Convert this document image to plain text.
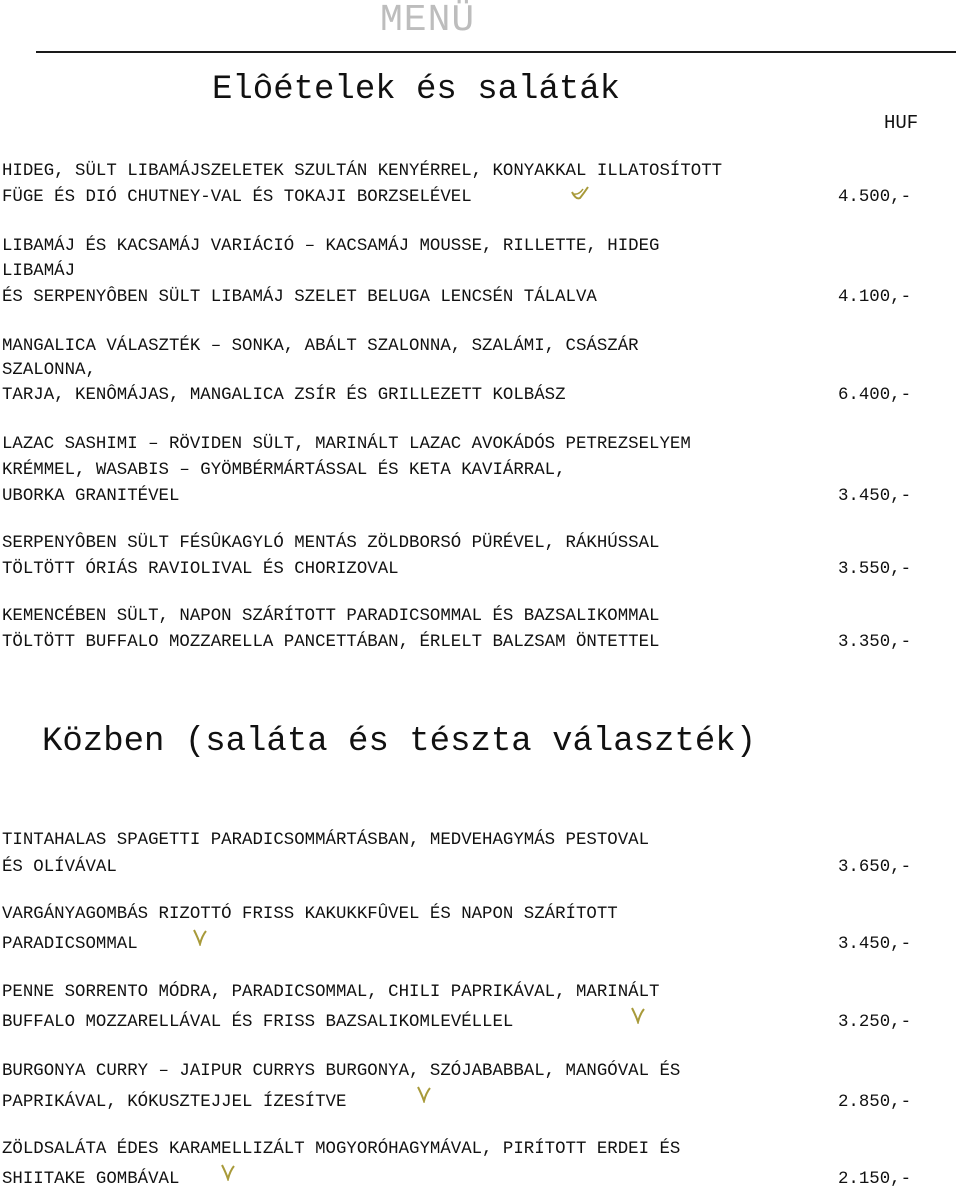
MENÜ
Elôételek és saláták
HUF
HIDEG, SÜLT LIBAMÁJSZELETEK SZULTÁN KENYÉRREL, KONYAKKAL ILLATOSÍTOTT
FÜGE ÉS DIÓ CHUTNEY-VAL ÉS TOKAJI BORZSELÉVEL	4.500,-
LIBAMÁJ ÉS KACSAMÁJ VARIÁCIÓ – KACSAMÁJ MOUSSE, RILLETTE, HIDEG
LIBAMÁJ
ÉS SERPENYÔBEN SÜLT LIBAMÁJ SZELET BELUGA LENCSÉN TÁLALVA	4.100,-
MANGALICA VÁLASZTÉK – SONKA, ABÁLT SZALONNA, SZALÁMI, CSÁSZÁR
SZALONNA,
TARJA, KENÔMÁJAS, MANGALICA ZSÍR ÉS GRILLEZETT KOLBÁSZ	6.400,-
LAZAC SASHIMI – RÖVIDEN SÜLT, MARINÁLT LAZAC AVOKÁDÓS PETREZSELYEM
KRÉMMEL, WASABIS – GYÖMBÉRMÁRTÁSSAL ÉS KETA KAVIÁRRAL,
UBORKA GRANITÉVEL	3.450,-
SERPENYÔBEN SÜLT FÉSÛKAGYLÓ MENTÁS ZÖLDBORSÓ PÜRÉVEL, RÁKHÚSSAL
TÖLTÖTT ÓRIÁS RAVIOLIVAL ÉS CHORIZOVAL	3.550,-
KEMENCÉBEN SÜLT, NAPON SZÁRÍTOTT PARADICSOMMAL ÉS BAZSALIKOMMAL
TÖLTÖTT BUFFALO MOZZARELLA PANCETTÁBAN, ÉRLELT BALZSAM ÖNTETTEL	3.350,-
Közben (saláta és tészta választék)
TINTAHALAS SPAGETTI PARADICSOMMÁRTÁSBAN, MEDVEHAGYMÁS PESTOVAL
ÉS OLÍVÁVAL	3.650,-
VARGÁNYAGOMBÁS RIZOTTÓ FRISS KAKUKKFÛVEL ÉS NAPON SZÁRÍTOTT
PARADICSOMMAL	3.450,-
PENNE SORRENTO MÓDRA, PARADICSOMMAL, CHILI PAPRIKÁVAL, MARINÁLT
BUFFALO MOZZARELLÁVAL ÉS FRISS BAZSALIKOMLEVÉLLEL	3.250,-
BURGONYA CURRY – JAIPUR CURRYS BURGONYA, SZÓJABABBAL, MANGÓVAL ÉS
PAPRIKÁVAL, KÓKUSZTEJJEL ÍZESÍTVE	2.850,-
ZÖLDSALÁTA ÉDES KARAMELLIZÁLT MOGYORÓHAGYMÁVAL, PIRÍTOTT ERDEI ÉS
SHIITAKE GOMBÁVAL	2.150,-
